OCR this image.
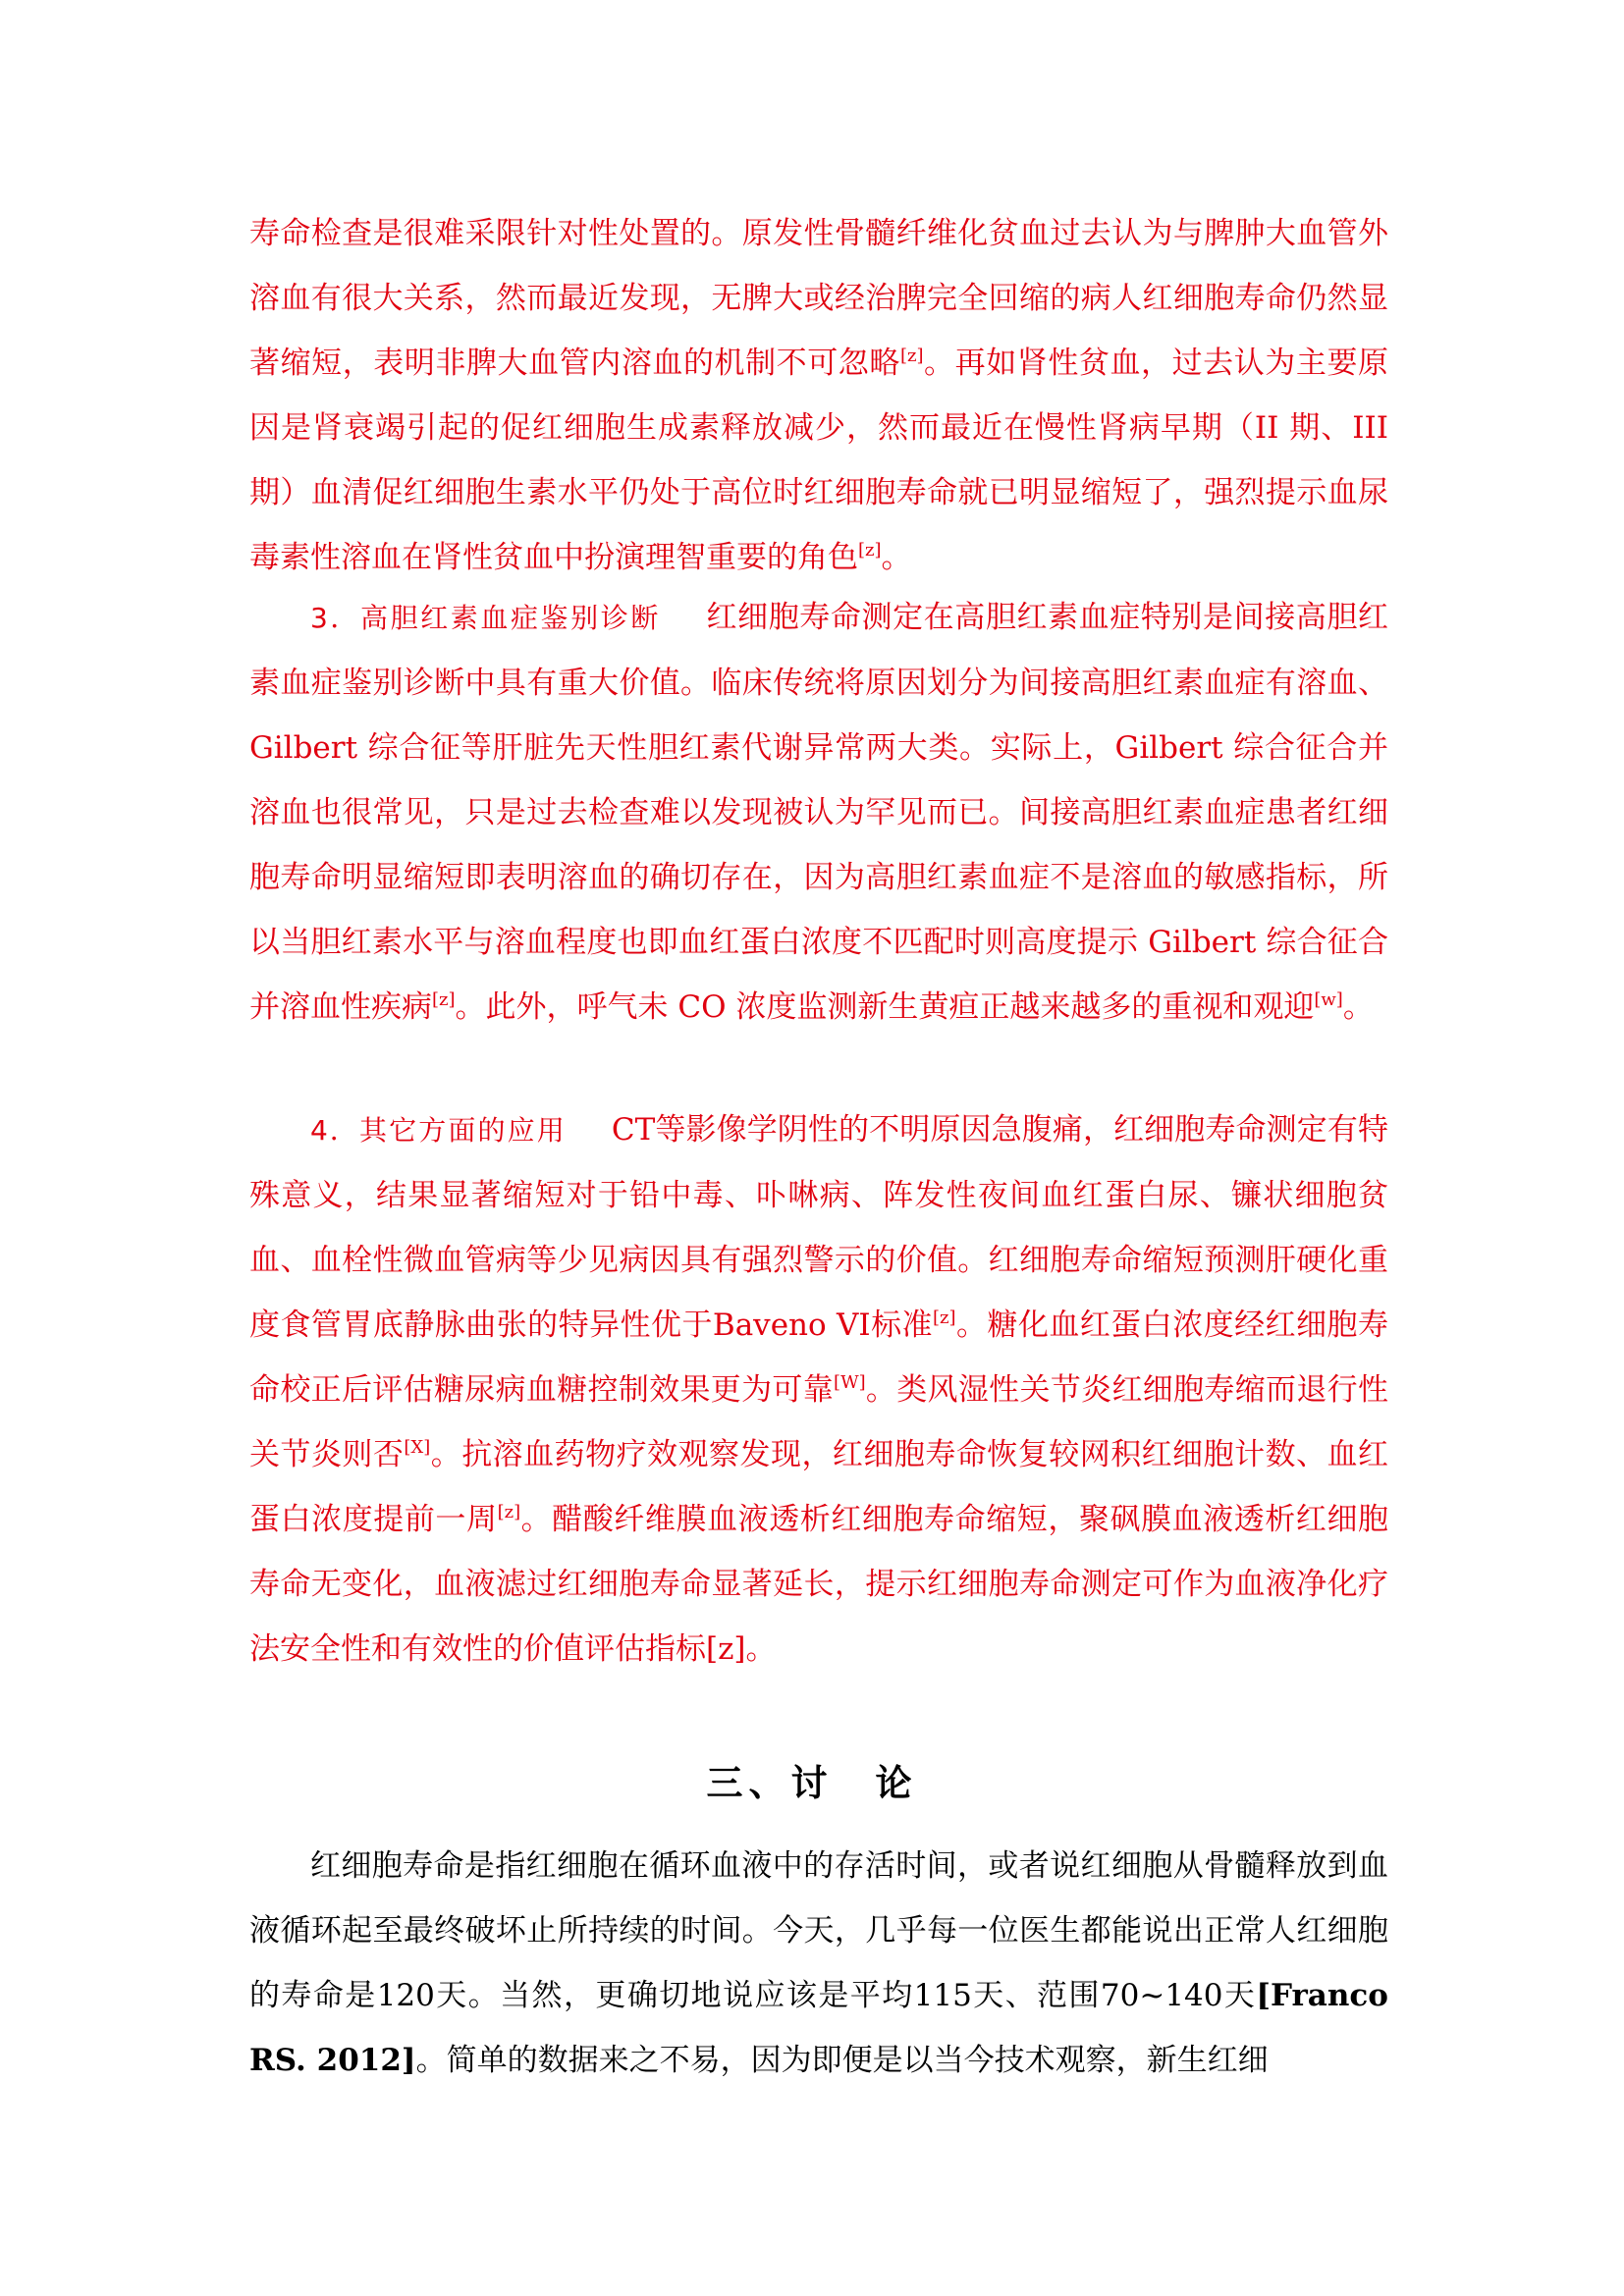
寿命检查是很难采限针对性处置的。原发性骨髓纤维化贫血过去认为与脾肿大血管外溶血有很大关系，然而最近发现，无脾大或经治脾完全回缩的病人红细胞寿命仍然显著缩短，表明非脾大血管内溶血的机制不可忽略[z]。再如肾性贫血，过去认为主要原因是肾衰竭引起的促红细胞生成素释放减少，然而最近在慢性肾病早期（II 期、III 期）血清促红细胞生素水平仍处于高位时红细胞寿命就已明显缩短了，强烈提示血尿毒素性溶血在肾性贫血中扮演理智重要的角色[z]。

3．高胆红素血症鉴别诊断 红细胞寿命测定在高胆红素血症特别是间接高胆红素血症鉴别诊断中具有重大价值。临床传统将原因划分为间接高胆红素血症有溶血、Gilbert 综合征等肝脏先天性胆红素代谢异常两大类。实际上，Gilbert 综合征合并溶血也很常见，只是过去检查难以发现被认为罕见而已。间接高胆红素血症患者红细胞寿命明显缩短即表明溶血的确切存在，因为高胆红素血症不是溶血的敏感指标，所以当胆红素水平与溶血程度也即血红蛋白浓度不匹配时则高度提示 Gilbert 综合征合并溶血性疾病[z]。此外，呼气未 CO 浓度监测新生黄疸正越来越多的重视和观迎[w]。

4．其它方面的应用 CT等影像学阴性的不明原因急腹痛，红细胞寿命测定有特殊意义，结果显著缩短对于铅中毒、卟啉病、阵发性夜间血红蛋白尿、镰状细胞贫血、血栓性微血管病等少见病因具有强烈警示的价值。红细胞寿命缩短预测肝硬化重度食管胃底静脉曲张的特异性优于Baveno VI标准[z]。糖化血红蛋白浓度经红细胞寿命校正后评估糖尿病血糖控制效果更为可靠[W]。类风湿性关节炎红细胞寿缩而退行性关节炎则否[X]。抗溶血药物疗效观察发现，红细胞寿命恢复较网积红细胞计数、血红蛋白浓度提前一周[z]。醋酸纤维膜血液透析红细胞寿命缩短，聚砜膜血液透析红细胞寿命无变化，血液滤过红细胞寿命显著延长，提示红细胞寿命测定可作为血液净化疗法安全性和有效性的价值评估指标[z]。

三、讨　论

红细胞寿命是指红细胞在循环血液中的存活时间，或者说红细胞从骨髓释放到血液循环起至最终破坏止所持续的时间。今天，几乎每一位医生都能说出正常人红细胞的寿命是120天。当然，更确切地说应该是平均115天、范围70~140天[Franco RS. 2012]。简单的数据来之不易，因为即便是以当今技术观察，新生红细
